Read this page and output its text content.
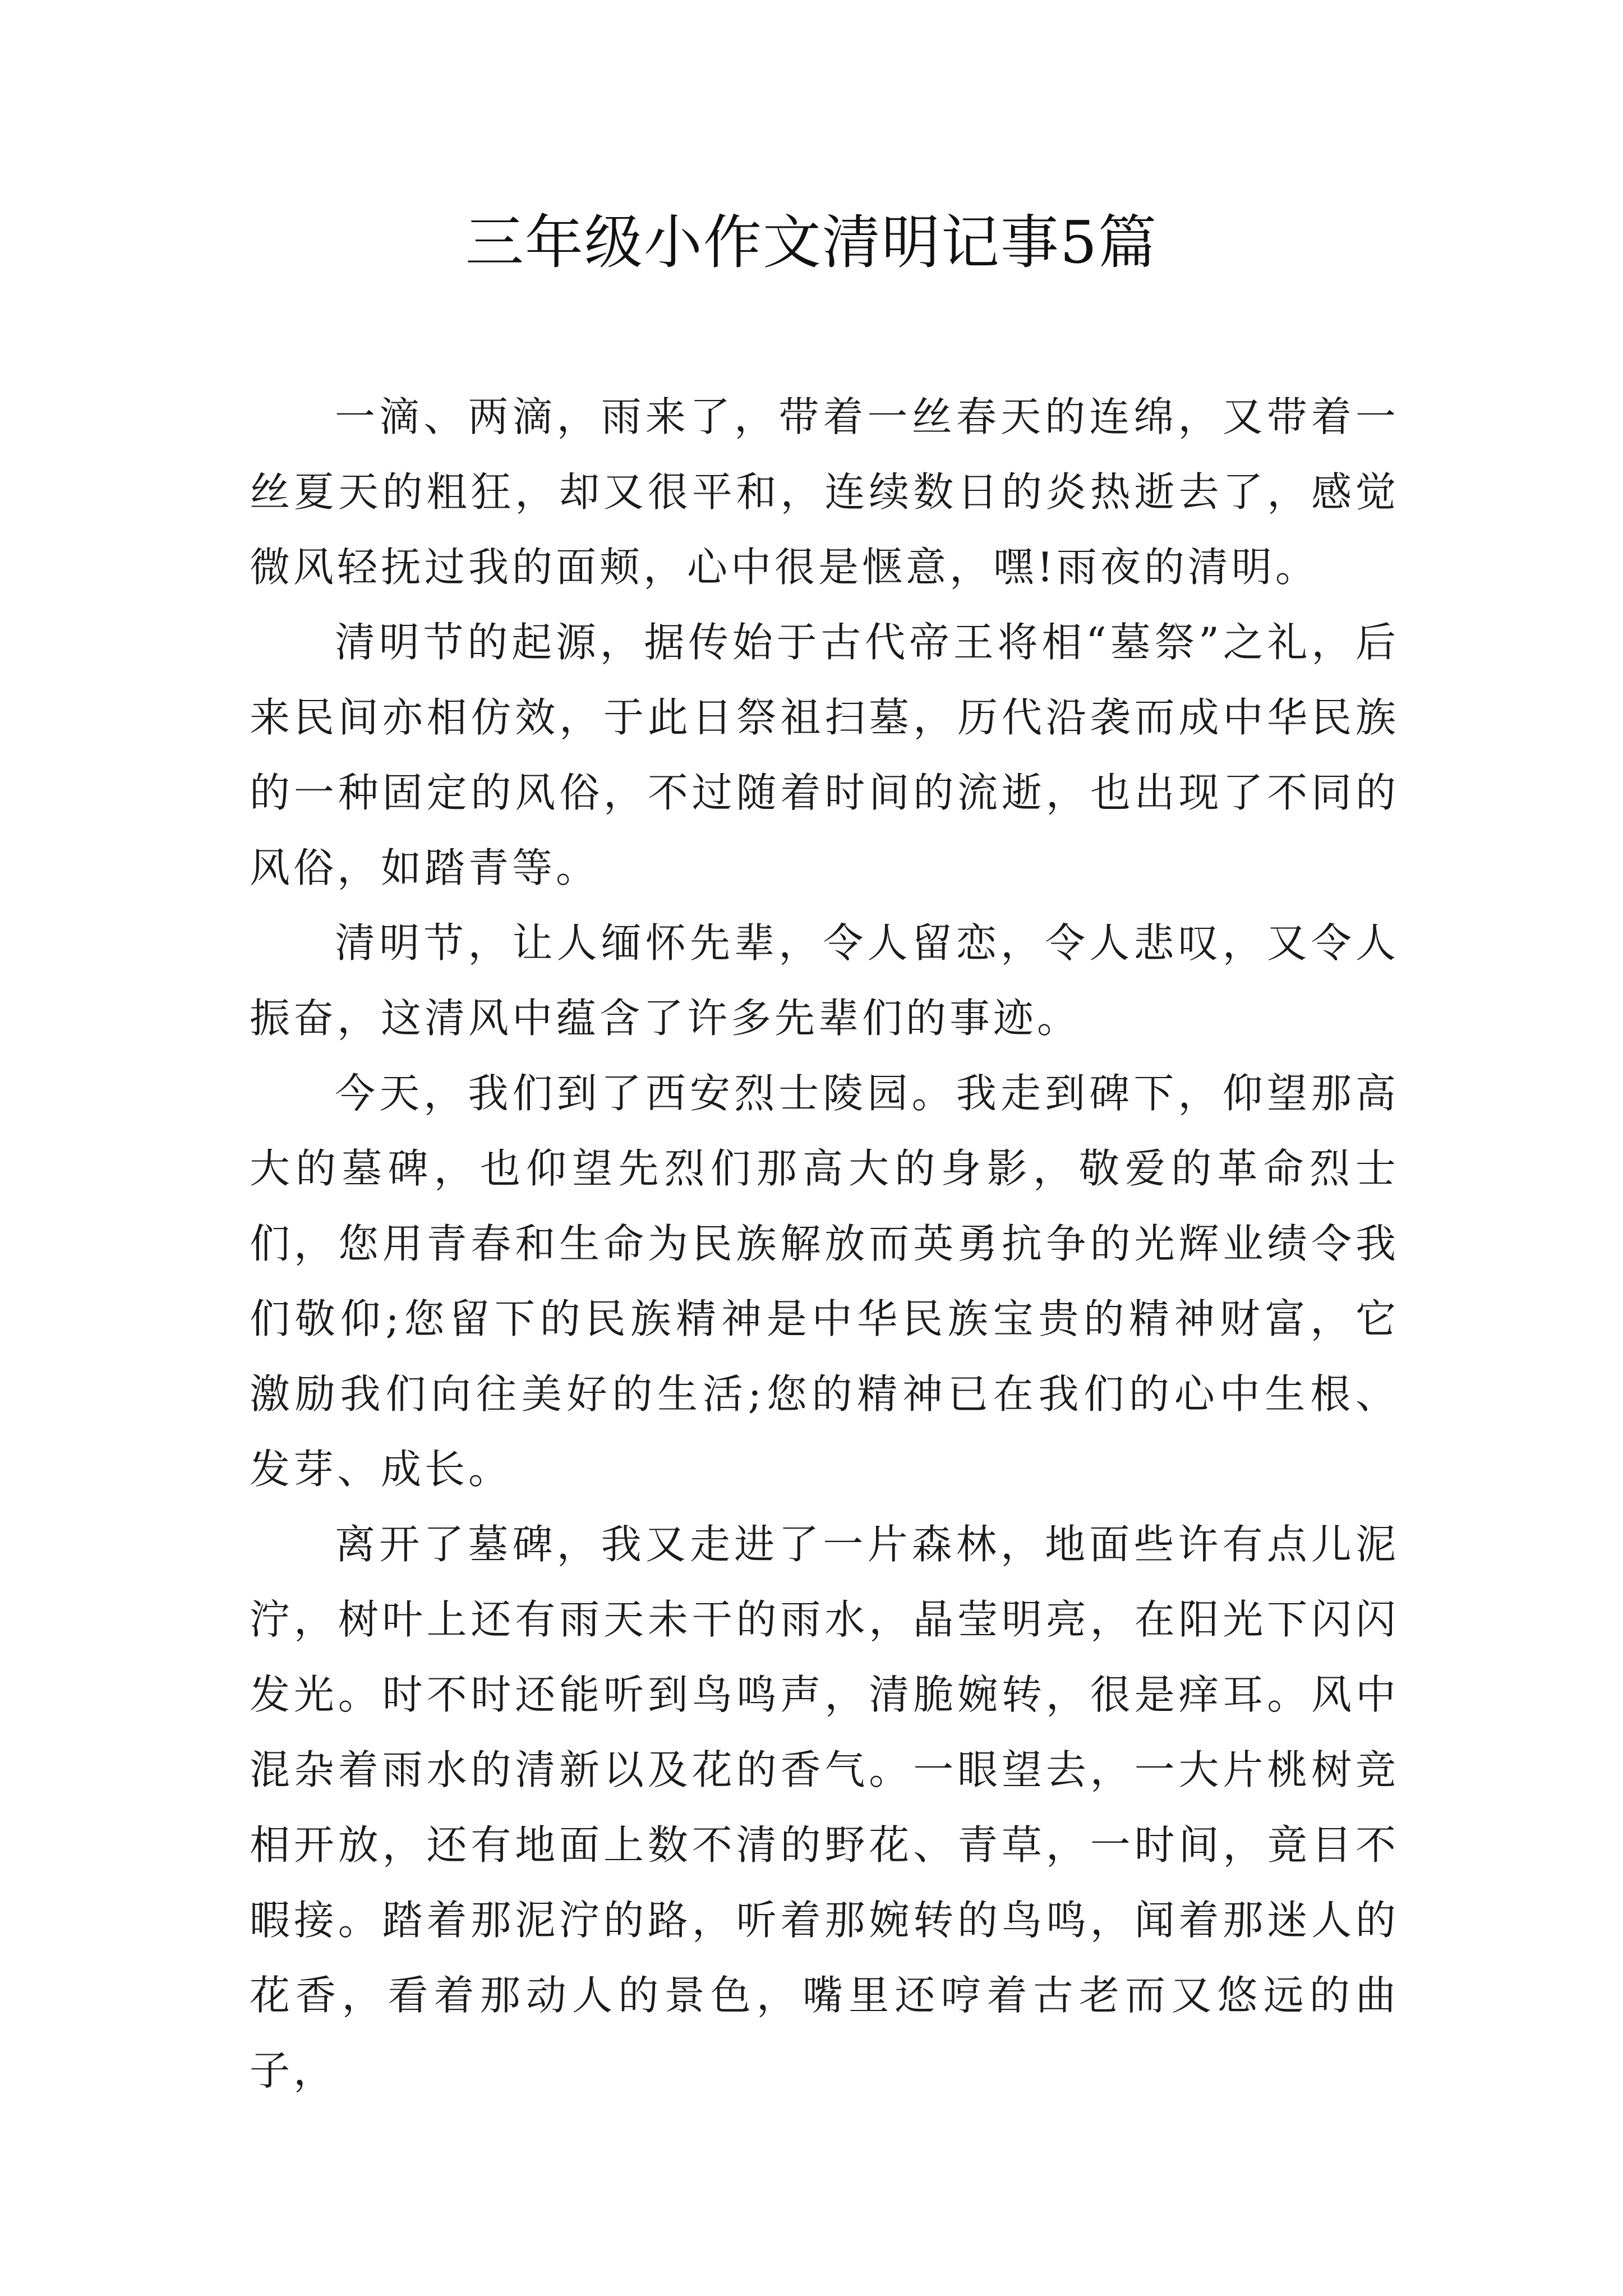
三年级小作文清明记事5篇

一滴、两滴，雨来了，带着一丝春天的连绵，又带着一丝夏天的粗狂，却又很平和，连续数日的炎热逝去了，感觉微风轻抚过我的面颊，心中很是惬意，嘿!雨夜的清明。

清明节的起源，据传始于古代帝王将相“墓祭”之礼，后来民间亦相仿效，于此日祭祖扫墓，历代沿袭而成中华民族的一种固定的风俗，不过随着时间的流逝，也出现了不同的风俗，如踏青等。

清明节，让人缅怀先辈，令人留恋，令人悲叹，又令人振奋，这清风中蕴含了许多先辈们的事迹。

今天，我们到了西安烈士陵园。我走到碑下，仰望那高大的墓碑，也仰望先烈们那高大的身影，敬爱的革命烈士们，您用青春和生命为民族解放而英勇抗争的光辉业绩令我们敬仰;您留下的民族精神是中华民族宝贵的精神财富，它激励我们向往美好的生活;您的精神已在我们的心中生根、发芽、成长。

离开了墓碑，我又走进了一片森林，地面些许有点儿泥泞，树叶上还有雨天未干的雨水，晶莹明亮，在阳光下闪闪发光。时不时还能听到鸟鸣声，清脆婉转，很是痒耳。风中混杂着雨水的清新以及花的香气。一眼望去，一大片桃树竞相开放，还有地面上数不清的野花、青草，一时间，竟目不暇接。踏着那泥泞的路，听着那婉转的鸟鸣，闻着那迷人的花香，看着那动人的景色，嘴里还哼着古老而又悠远的曲子，
